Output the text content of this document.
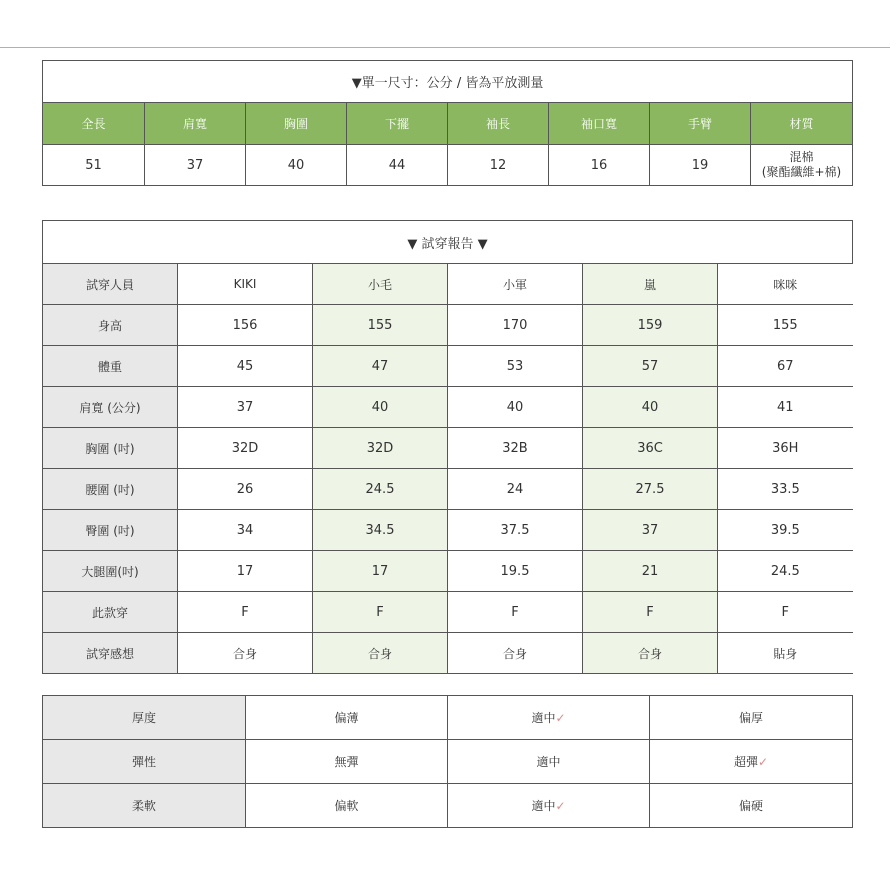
▼單一尺寸：公分 / 皆為平放測量							
全長	肩寬	胸圍	下擺	袖長	袖口寬	手臂	材質
51	37	40	44	12	16	19	混棉
(聚酯纖維+棉)
▼ 試穿報告 ▼					
試穿人員	KIKI	小毛	小軍	嵐	咪咪
身高	156	155	170	159	155
體重	45	47	53	57	67
肩寬 (公分)	37	40	40	40	41
胸圍 (吋)	32D	32D	32B	36C	36H
腰圍 (吋)	26	24.5	24	27.5	33.5
臀圍 (吋)	34	34.5	37.5	37	39.5
大腿圍(吋)	17	17	19.5	21	24.5
此款穿	F	F	F	F	F
試穿感想	合身	合身	合身	合身	貼身
厚度	偏薄	適中✓	偏厚
彈性	無彈	適中	超彈✓
柔軟	偏軟	適中✓	偏硬
